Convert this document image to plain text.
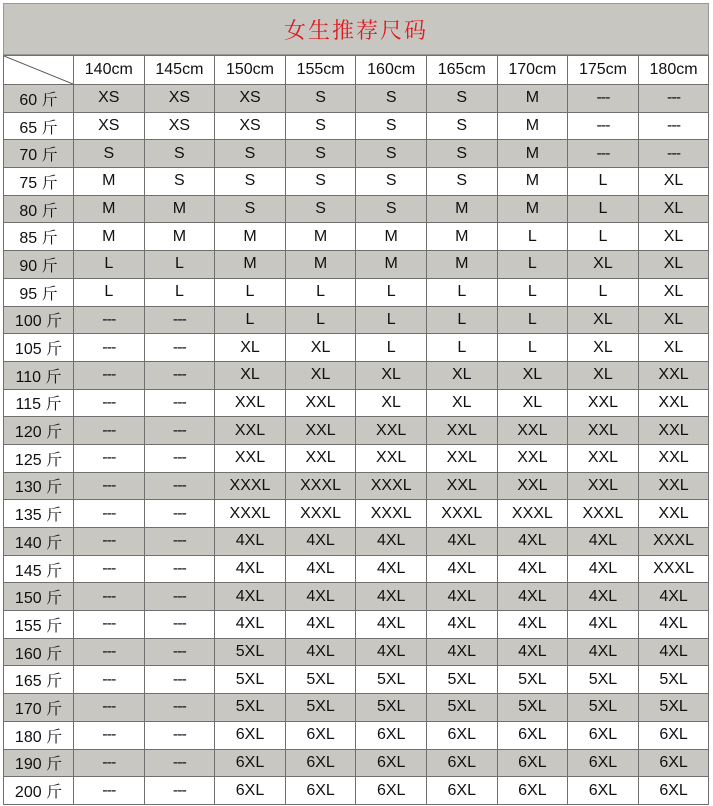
女生推荐尺码
	140cm	145cm	150cm	155cm	160cm	165cm	170cm	175cm	180cm
60 斤	XS	XS	XS	S	S	S	M	---	---
65 斤	XS	XS	XS	S	S	S	M	---	---
70 斤	S	S	S	S	S	S	M	---	---
75 斤	M	S	S	S	S	S	M	L	XL
80 斤	M	M	S	S	S	M	M	L	XL
85 斤	M	M	M	M	M	M	L	L	XL
90 斤	L	L	M	M	M	M	L	XL	XL
95 斤	L	L	L	L	L	L	L	L	XL
100 斤	---	---	L	L	L	L	L	XL	XL
105 斤	---	---	XL	XL	L	L	L	XL	XL
110 斤	---	---	XL	XL	XL	XL	XL	XL	XXL
115 斤	---	---	XXL	XXL	XL	XL	XL	XXL	XXL
120 斤	---	---	XXL	XXL	XXL	XXL	XXL	XXL	XXL
125 斤	---	---	XXL	XXL	XXL	XXL	XXL	XXL	XXL
130 斤	---	---	XXXL	XXXL	XXXL	XXL	XXL	XXL	XXL
135 斤	---	---	XXXL	XXXL	XXXL	XXXL	XXXL	XXXL	XXL
140 斤	---	---	4XL	4XL	4XL	4XL	4XL	4XL	XXXL
145 斤	---	---	4XL	4XL	4XL	4XL	4XL	4XL	XXXL
150 斤	---	---	4XL	4XL	4XL	4XL	4XL	4XL	4XL
155 斤	---	---	4XL	4XL	4XL	4XL	4XL	4XL	4XL
160 斤	---	---	5XL	4XL	4XL	4XL	4XL	4XL	4XL
165 斤	---	---	5XL	5XL	5XL	5XL	5XL	5XL	5XL
170 斤	---	---	5XL	5XL	5XL	5XL	5XL	5XL	5XL
180 斤	---	---	6XL	6XL	6XL	6XL	6XL	6XL	6XL
190 斤	---	---	6XL	6XL	6XL	6XL	6XL	6XL	6XL
200 斤	---	---	6XL	6XL	6XL	6XL	6XL	6XL	6XL
